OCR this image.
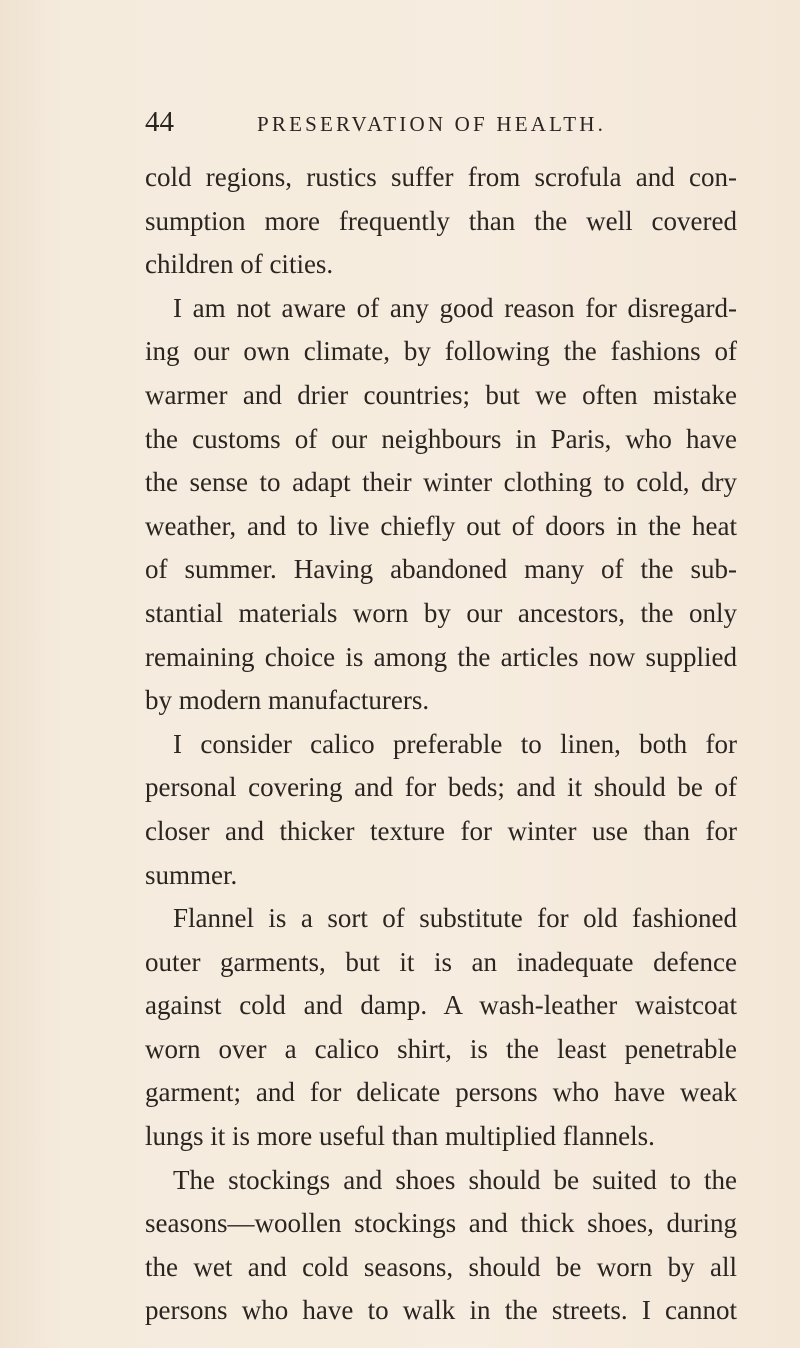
44	PRESERVATION OF HEALTH.
cold regions, rustics suffer from scrofula and con-
sumption more frequently than the well covered
children of cities.
I am not aware of any good reason for disregard-
ing our own climate, by following the fashions of
warmer and drier countries; but we often mistake
the customs of our neighbours in Paris, who have
the sense to adapt their winter clothing to cold, dry
weather, and to live chiefly out of doors in the heat
of summer. Having abandoned many of the sub-
stantial materials worn by our ancestors, the only
remaining choice is among the articles now supplied
by modern manufacturers.
I consider calico preferable to linen, both for
personal covering and for beds; and it should be of
closer and thicker texture for winter use than for
summer.
Flannel is a sort of substitute for old fashioned
outer garments, but it is an inadequate defence
against cold and damp. A wash-leather waistcoat
worn over a calico shirt, is the least penetrable
garment; and for delicate persons who have weak
lungs it is more useful than multiplied flannels.
The stockings and shoes should be suited to the
seasons—woollen stockings and thick shoes, during
the wet and cold seasons, should be worn by all
persons who have to walk in the streets. I cannot
